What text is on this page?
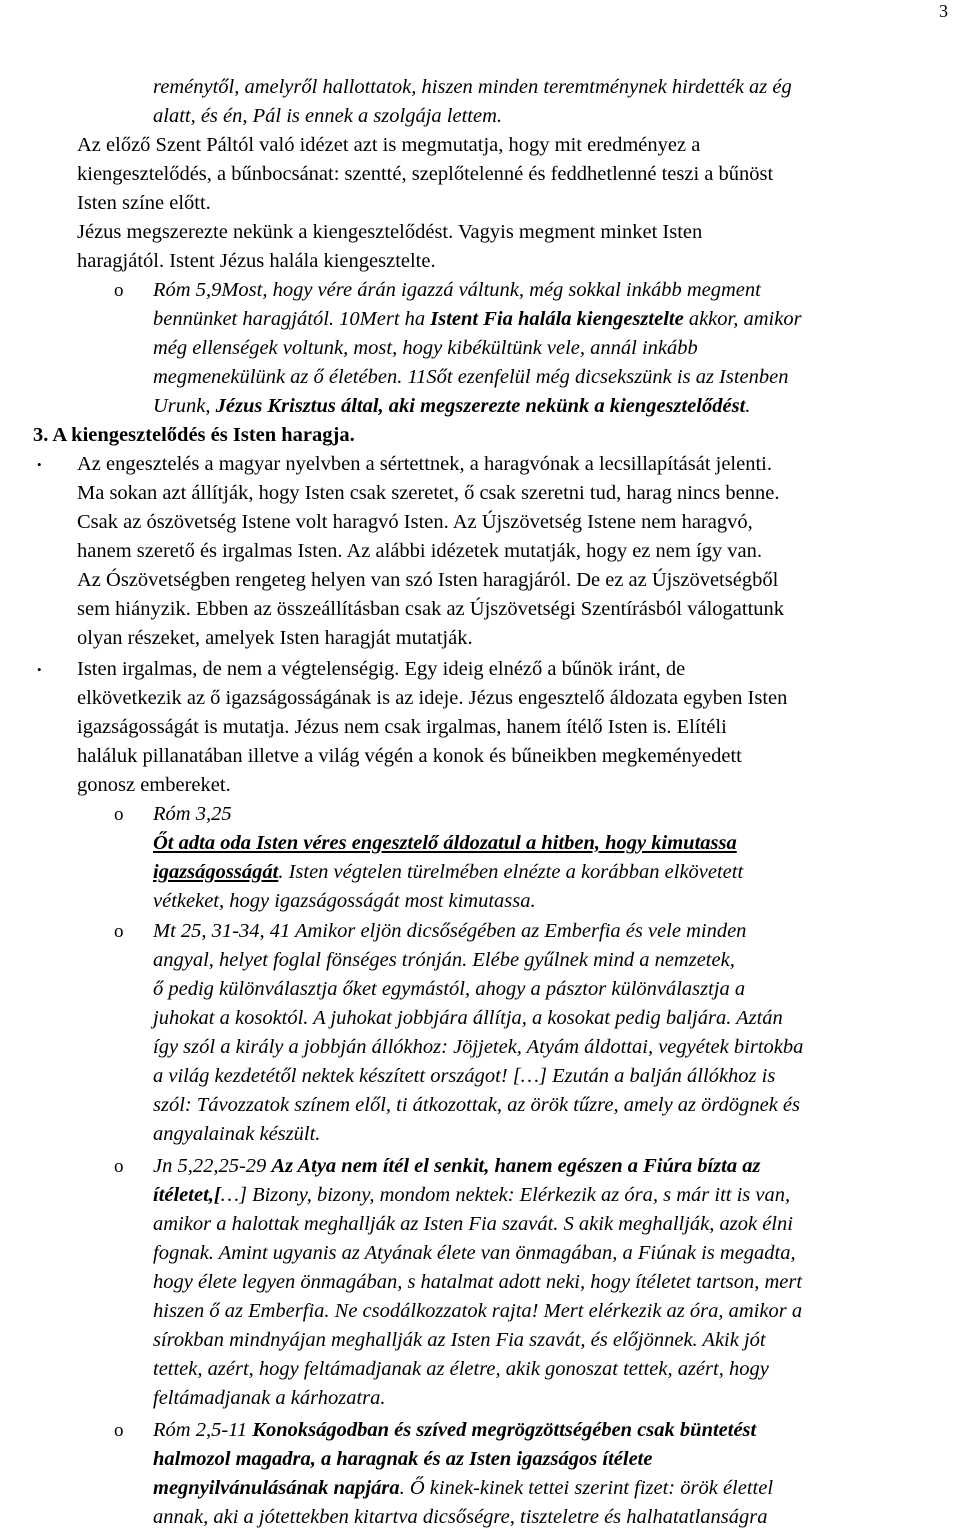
3
reménytől, amelyről hallottatok, hiszen minden teremtménynek hirdették az ég
alatt, és én, Pál is ennek a szolgája lettem.
Az előző Szent Páltól való idézet azt is megmutatja, hogy mit eredményez a
kiengesztelődés, a bűnbocsánat: szentté, szeplőtelenné és feddhetlenné teszi a bűnöst
Isten színe előtt.
Jézus megszerezte nekünk a kiengesztelődést. Vagyis megment minket Isten
haragjától. Istent Jézus halála kiengesztelte.
o Róm 5,9Most, hogy vére árán igazzá váltunk, még sokkal inkább megment
bennünket haragjától. 10Mert ha Istent Fia halála kiengesztelte akkor, amikor
még ellenségek voltunk, most, hogy kibékültünk vele, annál inkább
megmenekülünk az ő életében. 11Sőt ezenfelül még dicsekszünk is az Istenben
Urunk, Jézus Krisztus által, aki megszerezte nekünk a kiengesztelődést.
3. A kiengesztelődés és Isten haragja.
• Az engesztelés a magyar nyelvben a sértettnek, a haragvónak a lecsillapítását jelenti.
Ma sokan azt állítják, hogy Isten csak szeretet, ő csak szeretni tud, harag nincs benne.
Csak az ószövetség Istene volt haragvó Isten. Az Újszövetség Istene nem haragvó,
hanem szerető és irgalmas Isten. Az alábbi idézetek mutatják, hogy ez nem így van.
Az Ószövetségben rengeteg helyen van szó Isten haragjáról. De ez az Újszövetségből
sem hiányzik. Ebben az összeállításban csak az Újszövetségi Szentírásból válogattunk
olyan részeket, amelyek Isten haragját mutatják.
• Isten irgalmas, de nem a végtelenségig. Egy ideig elnéző a bűnök iránt, de
elkövetkezik az ő igazságosságának is az ideje. Jézus engesztelő áldozata egyben Isten
igazságosságát is mutatja. Jézus nem csak irgalmas, hanem ítélő Isten is. Elítéli
haláluk pillanatában illetve a világ végén a konok és bűneikben megkeményedett
gonosz embereket.
o Róm 3,25
Őt adta oda Isten véres engesztelő áldozatul a hitben, hogy kimutassa
igazságosságát. Isten végtelen türelmében elnézte a korábban elkövetett
vétkeket, hogy igazságosságát most kimutassa.
o Mt 25, 31-34, 41 Amikor eljön dicsőségében az Emberfia és vele minden
angyal, helyet foglal fönséges trónján. Elébe gyűlnek mind a nemzetek,
ő pedig különválasztja őket egymástól, ahogy a pásztor különválasztja a
juhokat a kosoktól. A juhokat jobbjára állítja, a kosokat pedig baljára. Aztán
így szól a király a jobbján állókhoz: Jöjjetek, Atyám áldottai, vegyétek birtokba
a világ kezdetétől nektek készített országot! […] Ezután a balján állókhoz is
szól: Távozzatok színem elől, ti átkozottak, az örök tűzre, amely az ördögnek és
angyalainak készült.
o Jn 5,22,25-29 Az Atya nem ítél el senkit, hanem egészen a Fiúra bízta az
ítéletet,[…] Bizony, bizony, mondom nektek: Elérkezik az óra, s már itt is van,
amikor a halottak meghallják az Isten Fia szavát. S akik meghallják, azok élni
fognak. Amint ugyanis az Atyának élete van önmagában, a Fiúnak is megadta,
hogy élete legyen önmagában, s hatalmat adott neki, hogy ítéletet tartson, mert
hiszen ő az Emberfia. Ne csodálkozzatok rajta! Mert elérkezik az óra, amikor a
sírokban mindnyájan meghallják az Isten Fia szavát, és előjönnek. Akik jót
tettek, azért, hogy feltámadjanak az életre, akik gonoszat tettek, azért, hogy
feltámadjanak a kárhozatra.
o Róm 2,5-11 Konokságodban és szíved megrögzöttségében csak büntetést
halmozol magadra, a haragnak és az Isten igazságos ítélete
megnyilvánulásának napjára. Ő kinek-kinek tettei szerint fizet: örök élettel
annak, aki a jótettekben kitartva dicsőségre, tiszteletre és halhatatlanságra
